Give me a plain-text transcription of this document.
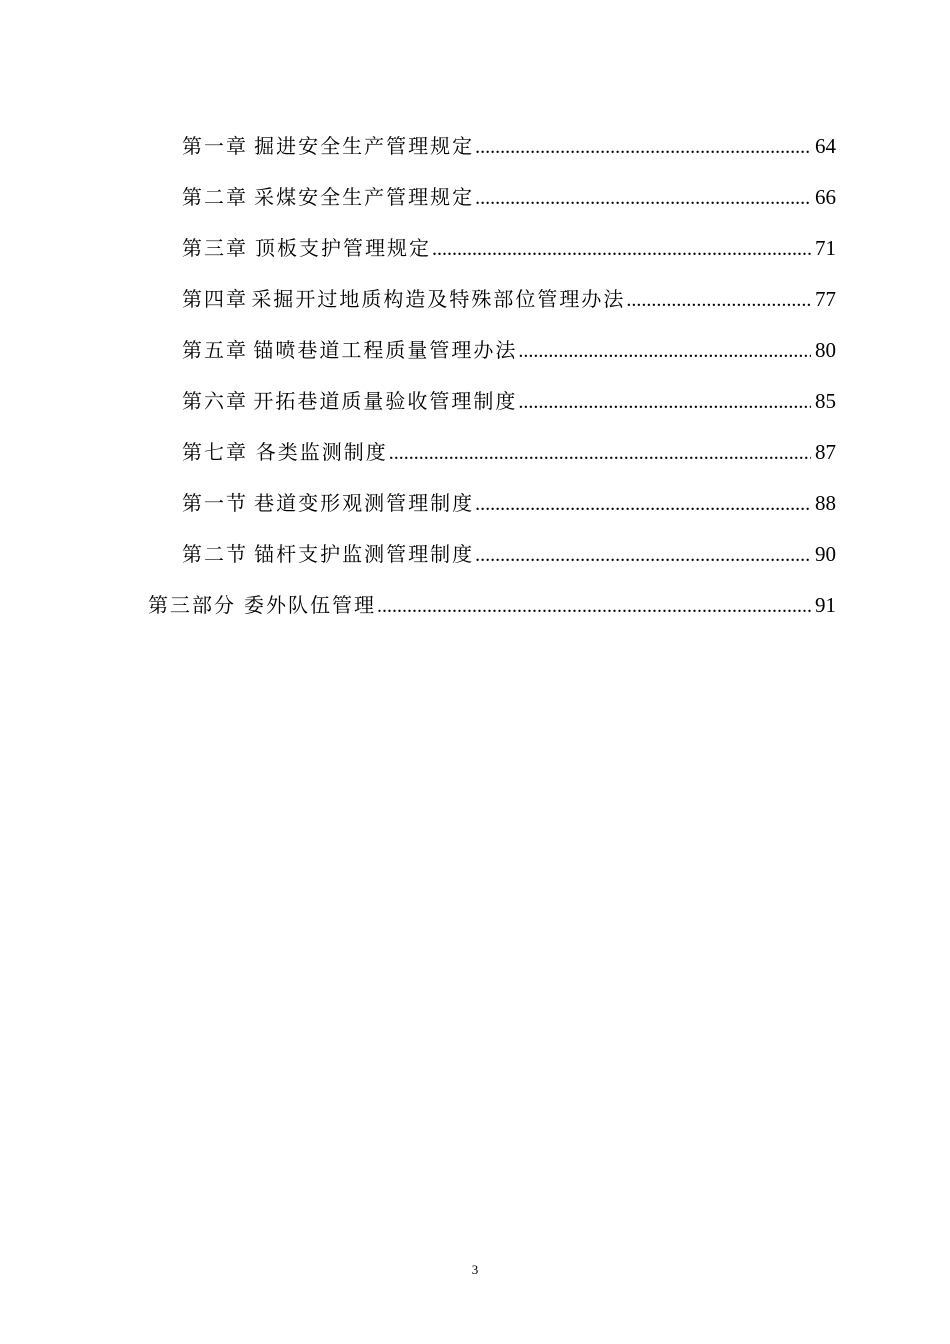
第一章 掘进安全生产管理规定 .....	64
第二章 采煤安全生产管理规定 .....	66
第三章 顶板支护管理规定 .....	71
第四章 采掘开过地质构造及特殊部位管理办法 .....	77
第五章 锚喷巷道工程质量管理办法 .....	80
第六章 开拓巷道质量验收管理制度 .....	85
第七章 各类监测制度 .....	87
第一节 巷道变形观测管理制度 .....	88
第二节 锚杆支护监测管理制度 .....	90
第三部分 委外队伍管理 .....	91
3
